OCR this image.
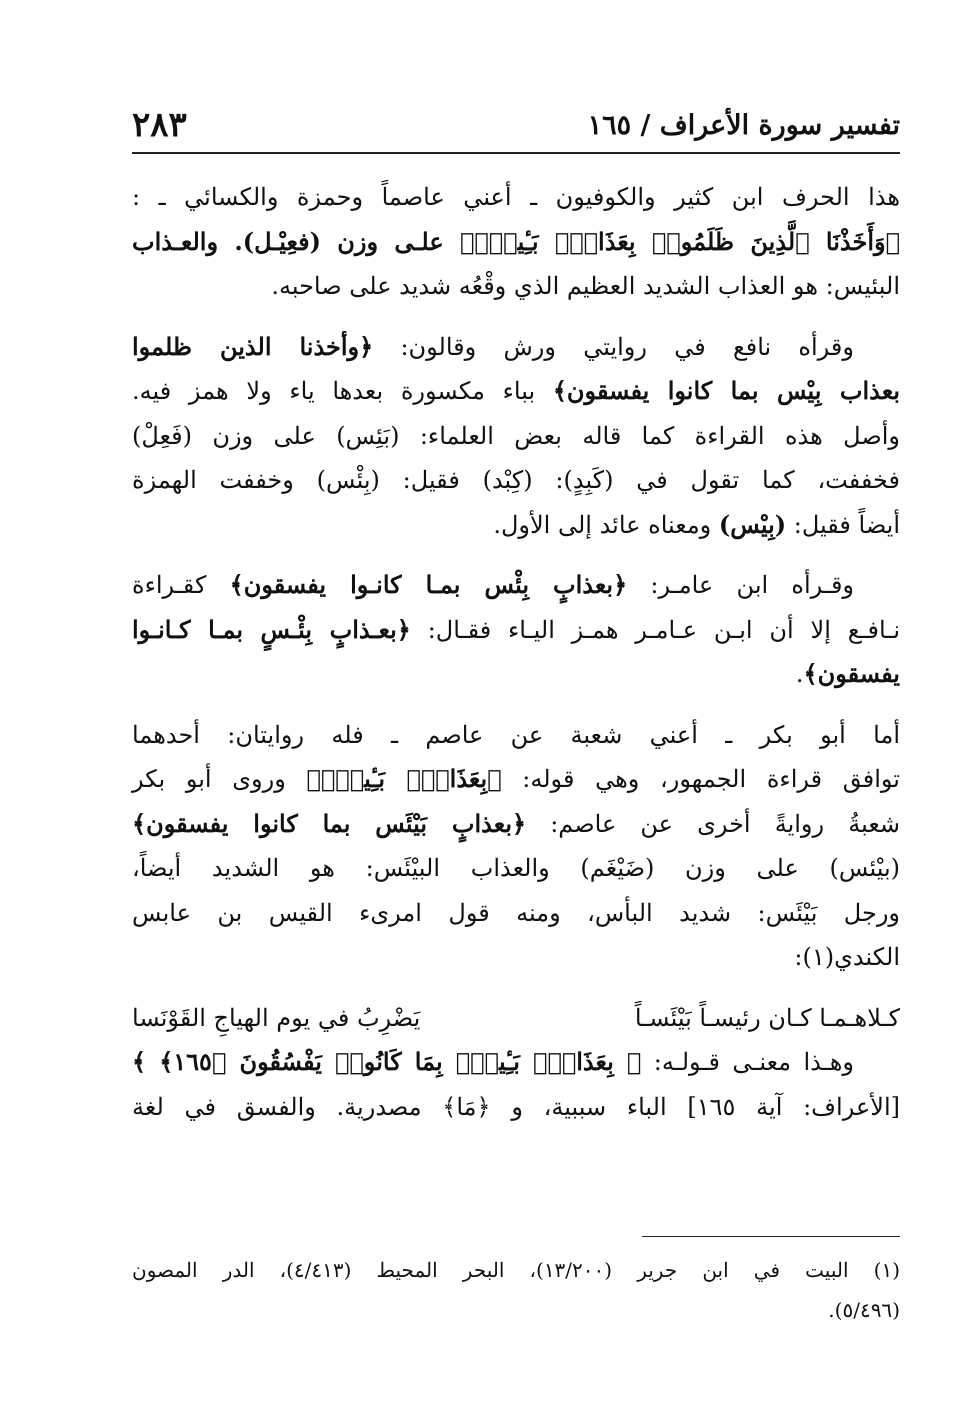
تفسير سورة الأعراف / ١٦٥
٢٨٣
هذا الحرف ابن كثير والكوفيون ـ أعني عاصماً وحمزة والكسائي ـ :
﴿وَأَخَذْنَا ٱلَّذِينَ ظَلَمُوا۟ بِعَذَابٍۭ بَـِٔيسٍۭ﴾ علـى وزن (فعِيْـل). والعـذاب
البئيس: هو العذاب الشديد العظيم الذي وقْعُه شديد على صاحبه.
وقرأه نافع في روايتي ورش وقالون: ﴿وأخذنا الذين ظلموا
بعذاب بِيْس بما كانوا يفسقون﴾ بباء مكسورة بعدها ياء ولا همز فيه.
وأصل هذه القراءة كما قاله بعض العلماء: (بَئِس) على وزن (فَعِلْ)
فخففت، كما تقول في (كَبِدٍ): (كِبْد) فقيل: (بِئْس) وخففت الهمزة
أيضاً فقيل: (بِيْس) ومعناه عائد إلى الأول.
وقـرأه ابن عامـر: ﴿بعذابٍ بِئْس بمـا كانـوا يفسقون﴾ كقـراءة
نـافـع إلا أن ابـن عـامـر همـز اليـاء فقـال: ﴿بعـذابٍ بِئْـسٍ بمـا كـانـوا
يفسقون﴾.
أما أبو بكر ـ أعني شعبة عن عاصم ـ فله روايتان: أحدهما
توافق قراءة الجمهور، وهي قوله: ﴿بِعَذَابٍۭ بَـِٔيسٍۭ﴾ وروى أبو بكر
شعبةُ روايةً أخرى عن عاصم: ﴿بعذابٍ بَيْئَس بما كانوا يفسقون﴾
(بيْئس) على وزن (ضَيْغَم) والعذاب البيْئَس: هو الشديد أيضاً،
ورجل بَيْئَس: شديد البأس، ومنه قول امرىء القيس بن عابس
الكندي(١):
كـلاهـمـا كـان رئيسـاً بَيْئَسـاً
يَضْرِبُ في يوم الهياجِ القَوْنَسا
وهـذا معنـى قـولـه: ﴿ بِعَذَابٍۭ بَـِٔيسٍۭ بِمَا كَانُوا۟ يَفْسُقُونَ ﴿١٦٥﴾ ﴾
[الأعراف: آية ١٦٥] الباء سببية، و ﴿مَا﴾ مصدرية. والفسق في لغة
(١) البيت في ابن جرير (١٣/٢٠٠)، البحر المحيط (٤/٤١٣)، الدر المصون
(٥/٤٩٦).
